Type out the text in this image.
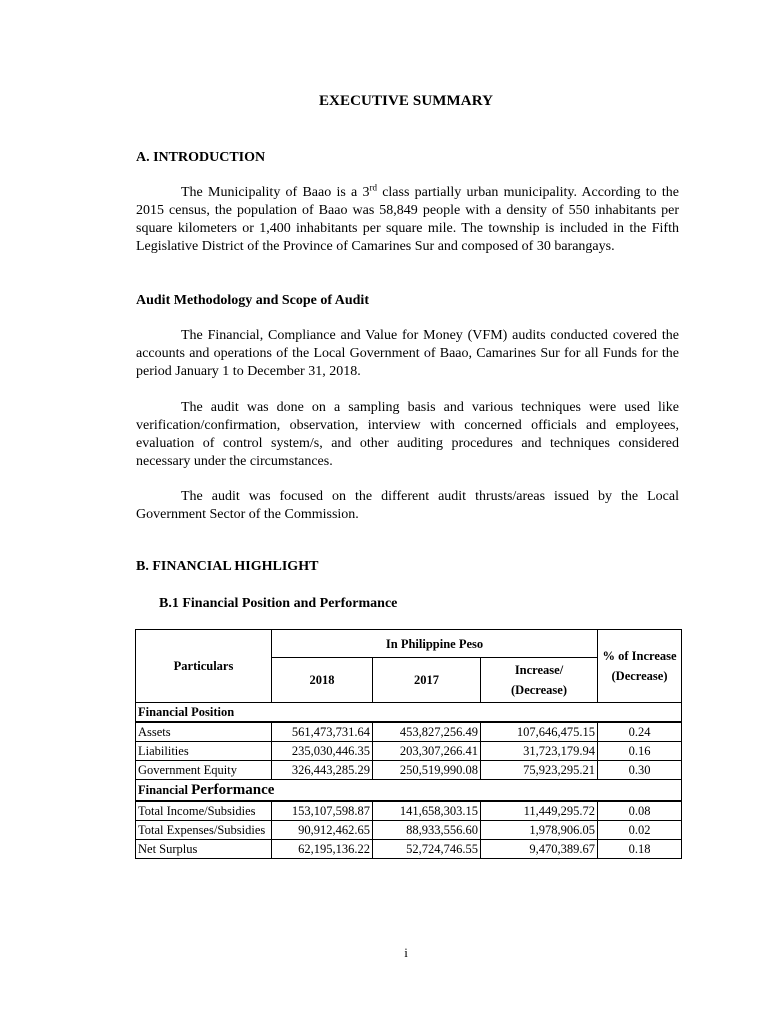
EXECUTIVE SUMMARY
A. INTRODUCTION
The Municipality of Baao is a 3rd class partially urban municipality. According to the 2015 census, the population of Baao was 58,849 people with a density of 550 inhabitants per square kilometers or 1,400 inhabitants per square mile. The township is included in the Fifth Legislative District of the Province of Camarines Sur and composed of 30 barangays.
Audit Methodology and Scope of Audit
The Financial, Compliance and Value for Money (VFM) audits conducted covered the accounts and operations of the Local Government of Baao, Camarines Sur for all Funds for the period January 1 to December 31, 2018.
The audit was done on a sampling basis and various techniques were used like verification/confirmation, observation, interview with concerned officials and employees, evaluation of control system/s, and other auditing procedures and techniques considered necessary under the circumstances.
The audit was focused on the different audit thrusts/areas issued by the Local Government Sector of the Commission.
B. FINANCIAL HIGHLIGHT
B.1 Financial Position and Performance
Particulars	In Philippine Peso			% of Increase
(Decrease)
	2018	2017	Increase/
(Decrease)	
Financial Position				
Assets	561,473,731.64	453,827,256.49	107,646,475.15	0.24
Liabilities	235,030,446.35	203,307,266.41	31,723,179.94	0.16
Government Equity	326,443,285.29	250,519,990.08	75,923,295.21	0.30
Financial Performance				
Total Income/Subsidies	153,107,598.87	141,658,303.15	11,449,295.72	0.08
Total Expenses/Subsidies	90,912,462.65	88,933,556.60	1,978,906.05	0.02
Net Surplus	62,195,136.22	52,724,746.55	9,470,389.67	0.18
i
